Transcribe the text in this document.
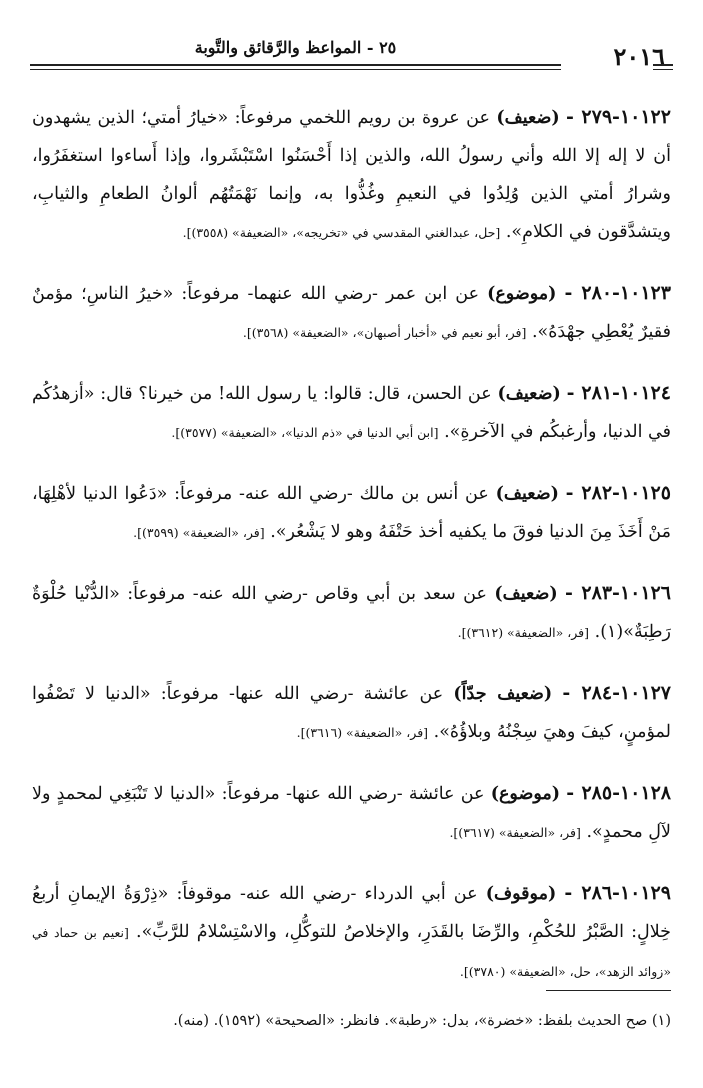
٢٠١٦
٢٥ - المواعظ والرَّقائق والتَّوبة

١٠١٢٢-٢٧٩ - (ضعيف) عن عروة بن رويم اللخمي مرفوعاً: «خيارُ أمتي؛ الذين يشهدون أن لا إله إلا الله وأني رسولُ الله، والذين إذا أَحْسَنُوا اسْتَبْشَروا، وإذا أَساءوا استغفَرُوا، وشرارُ أمتي الذين وُلِدُوا في النعيمِ وغُذُّوا به، وإنما نَهْمَتُهُم ألوانُ الطعامِ والثيابِ، ويتشدَّقون في الكلامِ». [حل، عبدالغني المقدسي في «تخريجه»، «الضعيفة» (٣٥٥٨)].

١٠١٢٣-٢٨٠ - (موضوع) عن ابن عمر -رضي الله عنهما- مرفوعاً: «خيرُ الناسِ؛ مؤمنٌ فقيرٌ يُعْطِي جهْدَهُ». [فر، أبو نعيم في «أخبار أصبهان»، «الضعيفة» (٣٥٦٨)].

١٠١٢٤-٢٨١ - (ضعيف) عن الحسن، قال: قالوا: يا رسول الله! من خيرنا؟ قال: «أزهدُكُم في الدنيا، وأرغبكُم في الآخرةِ». [ابن أبي الدنيا في «ذم الدنيا»، «الضعيفة» (٣٥٧٧)].

١٠١٢٥-٢٨٢ - (ضعيف) عن أنس بن مالك -رضي الله عنه- مرفوعاً: «دَعُوا الدنيا لأهْلِهَا، مَنْ أَخَذَ مِنَ الدنيا فوقَ ما يكفيه أخذ حَتْفَهُ وهو لا يَشْعُر». [فر، «الضعيفة» (٣٥٩٩)].

١٠١٢٦-٢٨٣ - (ضعيف) عن سعد بن أبي وقاص -رضي الله عنه- مرفوعاً: «الدُّنْيا حُلْوَةٌ رَطِبَةٌ»(١). [فر، «الضعيفة» (٣٦١٢)].

١٠١٢٧-٢٨٤ - (ضعيف جدّاً) عن عائشة -رضي الله عنها- مرفوعاً: «الدنيا لا تَصْفُوا لمؤمنٍ، كيفَ وهيَ سِجْنُهُ وبلاؤُهُ». [فر، «الضعيفة» (٣٦١٦)].

١٠١٢٨-٢٨٥ - (موضوع) عن عائشة -رضي الله عنها- مرفوعاً: «الدنيا لا تَنْبَغِي لمحمدٍ ولا لآلِ محمدٍ». [فر، «الضعيفة» (٣٦١٧)].

١٠١٢٩-٢٨٦ - (موقوف) عن أبي الدرداء -رضي الله عنه- موقوفاً: «ذِرْوَةُ الإيمانِ أربعُ خِلالٍ: الصَّبْرُ للحُكْمِ، والرِّضَا بالقَدَرِ، والإخلاصُ للتوكُّلِ، والاسْتِسْلامُ للرَّبِّ». [نعيم بن حماد في «زوائد الزهد»، حل، «الضعيفة» (٣٧٨٠)].

(١) صح الحديث بلفظ: «خضرة»، بدل: «رطبة». فانظر: «الصحيحة» (١٥٩٢). (منه).
